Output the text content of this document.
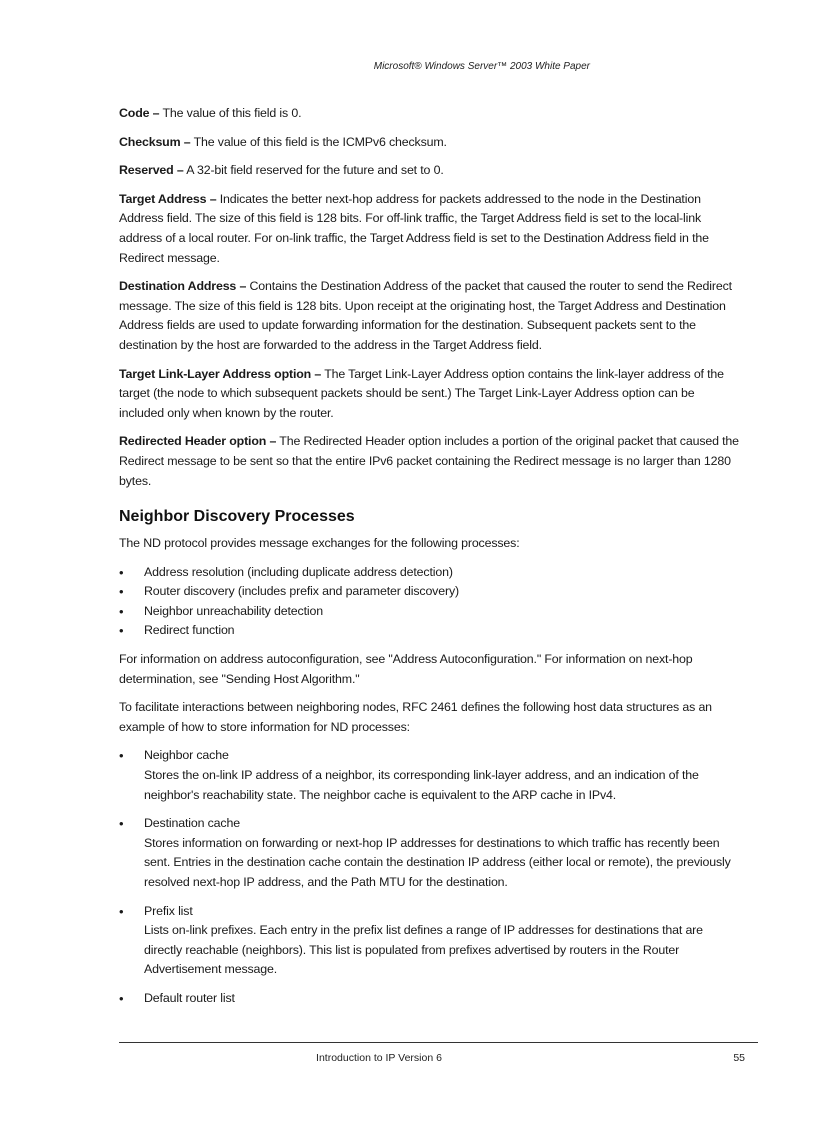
Microsoft® Windows Server™ 2003 White Paper

Code – The value of this field is 0.

Checksum – The value of this field is the ICMPv6 checksum.

Reserved – A 32-bit field reserved for the future and set to 0.

Target Address – Indicates the better next-hop address for packets addressed to the node in the Destination Address field. The size of this field is 128 bits. For off-link traffic, the Target Address field is set to the local-link address of a local router. For on-link traffic, the Target Address field is set to the Destination Address field in the Redirect message.

Destination Address – Contains the Destination Address of the packet that caused the router to send the Redirect message. The size of this field is 128 bits. Upon receipt at the originating host, the Target Address and Destination Address fields are used to update forwarding information for the destination. Subsequent packets sent to the destination by the host are forwarded to the address in the Target Address field.

Target Link-Layer Address option – The Target Link-Layer Address option contains the link-layer address of the target (the node to which subsequent packets should be sent.) The Target Link-Layer Address option can be included only when known by the router.

Redirected Header option – The Redirected Header option includes a portion of the original packet that caused the Redirect message to be sent so that the entire IPv6 packet containing the Redirect message is no larger than 1280 bytes.

Neighbor Discovery Processes

The ND protocol provides message exchanges for the following processes:

• Address resolution (including duplicate address detection)
• Router discovery (includes prefix and parameter discovery)
• Neighbor unreachability detection
• Redirect function

For information on address autoconfiguration, see "Address Autoconfiguration." For information on next-hop determination, see "Sending Host Algorithm."

To facilitate interactions between neighboring nodes, RFC 2461 defines the following host data structures as an example of how to store information for ND processes:

• Neighbor cache
Stores the on-link IP address of a neighbor, its corresponding link-layer address, and an indication of the neighbor's reachability state. The neighbor cache is equivalent to the ARP cache in IPv4.
• Destination cache
Stores information on forwarding or next-hop IP addresses for destinations to which traffic has recently been sent. Entries in the destination cache contain the destination IP address (either local or remote), the previously resolved next-hop IP address, and the Path MTU for the destination.
• Prefix list
Lists on-link prefixes. Each entry in the prefix list defines a range of IP addresses for destinations that are directly reachable (neighbors). This list is populated from prefixes advertised by routers in the Router Advertisement message.
• Default router list
Introduction to IP Version 6	55
